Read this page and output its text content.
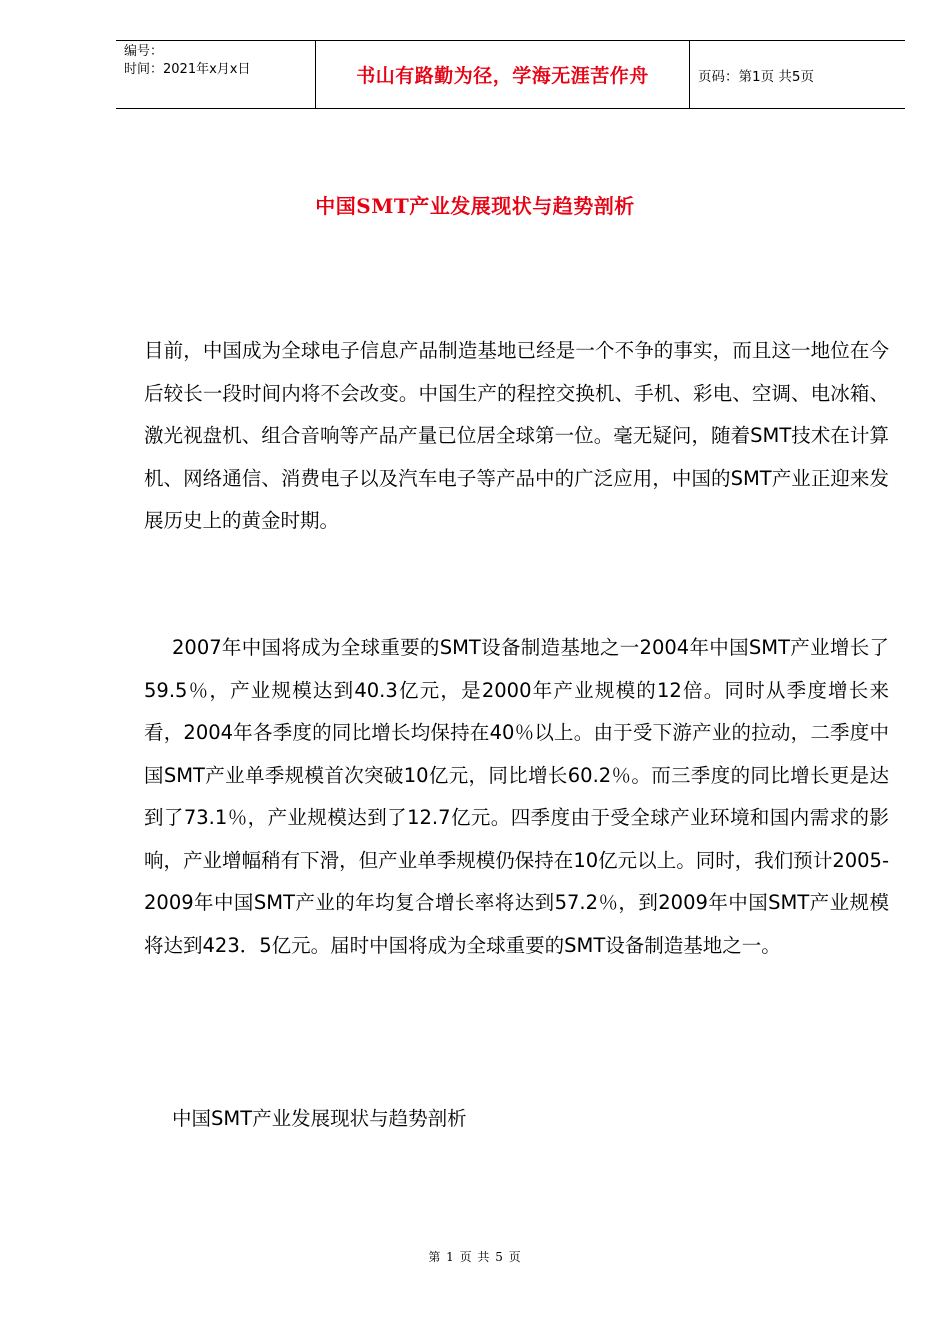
编号：
时间：2021年x月x日	书山有路勤为径，学海无涯苦作舟	页码：第1页 共5页
中国SMT产业发展现状与趋势剖析

目前，中国成为全球电子信息产品制造基地已经是一个不争的事实，而且这一地位在今后较长一段时间内将不会改变。中国生产的程控交换机、手机、彩电、空调、电冰箱、激光视盘机、组合音响等产品产量已位居全球第一位。毫无疑问，随着SMT技术在计算机、网络通信、消费电子以及汽车电子等产品中的广泛应用，中国的SMT产业正迎来发展历史上的黄金时期。

2007年中国将成为全球重要的SMT设备制造基地之一2004年中国SMT产业增长了59.5％，产业规模达到40.3亿元，是2000年产业规模的12倍。同时从季度增长来看，2004年各季度的同比增长均保持在40％以上。由于受下游产业的拉动，二季度中国SMT产业单季规模首次突破10亿元，同比增长60.2％。而三季度的同比增长更是达到了73.1％，产业规模达到了12.7亿元。四季度由于受全球产业环境和国内需求的影响，产业增幅稍有下滑，但产业单季规模仍保持在10亿元以上。同时，我们预计2005-2009年中国SMT产业的年均复合增长率将达到57.2％，到2009年中国SMT产业规模将达到423．5亿元。届时中国将成为全球重要的SMT设备制造基地之一。

中国SMT产业发展现状与趋势剖析

第 1 页 共 5 页
